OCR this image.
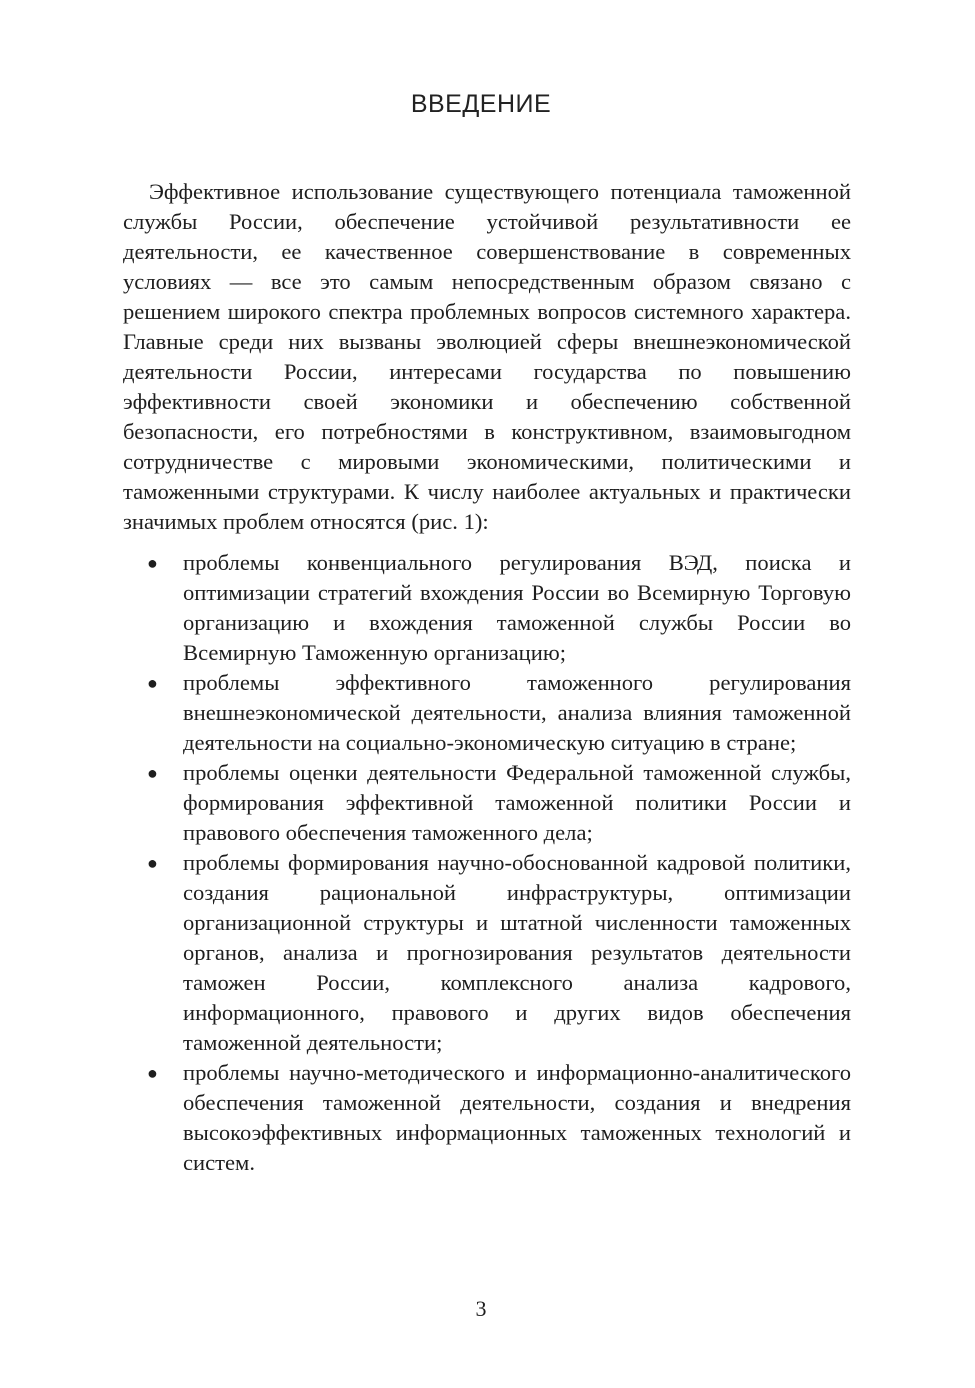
ВВЕДЕНИЕ

Эффективное использование существующего потенциала таможенной службы России, обеспечение устойчивой результативности ее деятельности, ее качественное совершенствование в современных условиях — все это самым непосредственным образом связано с решением широкого спектра проблемных вопросов системного характера. Главные среди них вызваны эволюцией сферы внешнеэкономической деятельности России, интересами государства по повышению эффективности своей экономики и обеспечению собственной безопасности, его потребностями в конструктивном, взаимовыгодном сотрудничестве с мировыми экономическими, политическими и таможенными структурами. К числу наиболее актуальных и практически значимых проблем относятся (рис. 1):

● проблемы конвенциального регулирования ВЭД, поиска и оптимизации стратегий вхождения России во Всемирную Торговую организацию и вхождения таможенной службы России во Всемирную Таможенную организацию;
● проблемы эффективного таможенного регулирования внешнеэкономической деятельности, анализа влияния таможенной деятельности на социально-экономическую ситуацию в стране;
● проблемы оценки деятельности Федеральной таможенной службы, формирования эффективной таможенной политики России и правового обеспечения таможенного дела;
● проблемы формирования научно-обоснованной кадровой политики, создания рациональной инфраструктуры, оптимизации организационной структуры и штатной численности таможенных органов, анализа и прогнозирования результатов деятельности таможен России, комплексного анализа кадрового, информационного, правового и других видов обеспечения таможенной деятельности;
● проблемы научно-методического и информационно-аналитического обеспечения таможенной деятельности, создания и внедрения высокоэффективных информационных таможенных технологий и систем.
3
